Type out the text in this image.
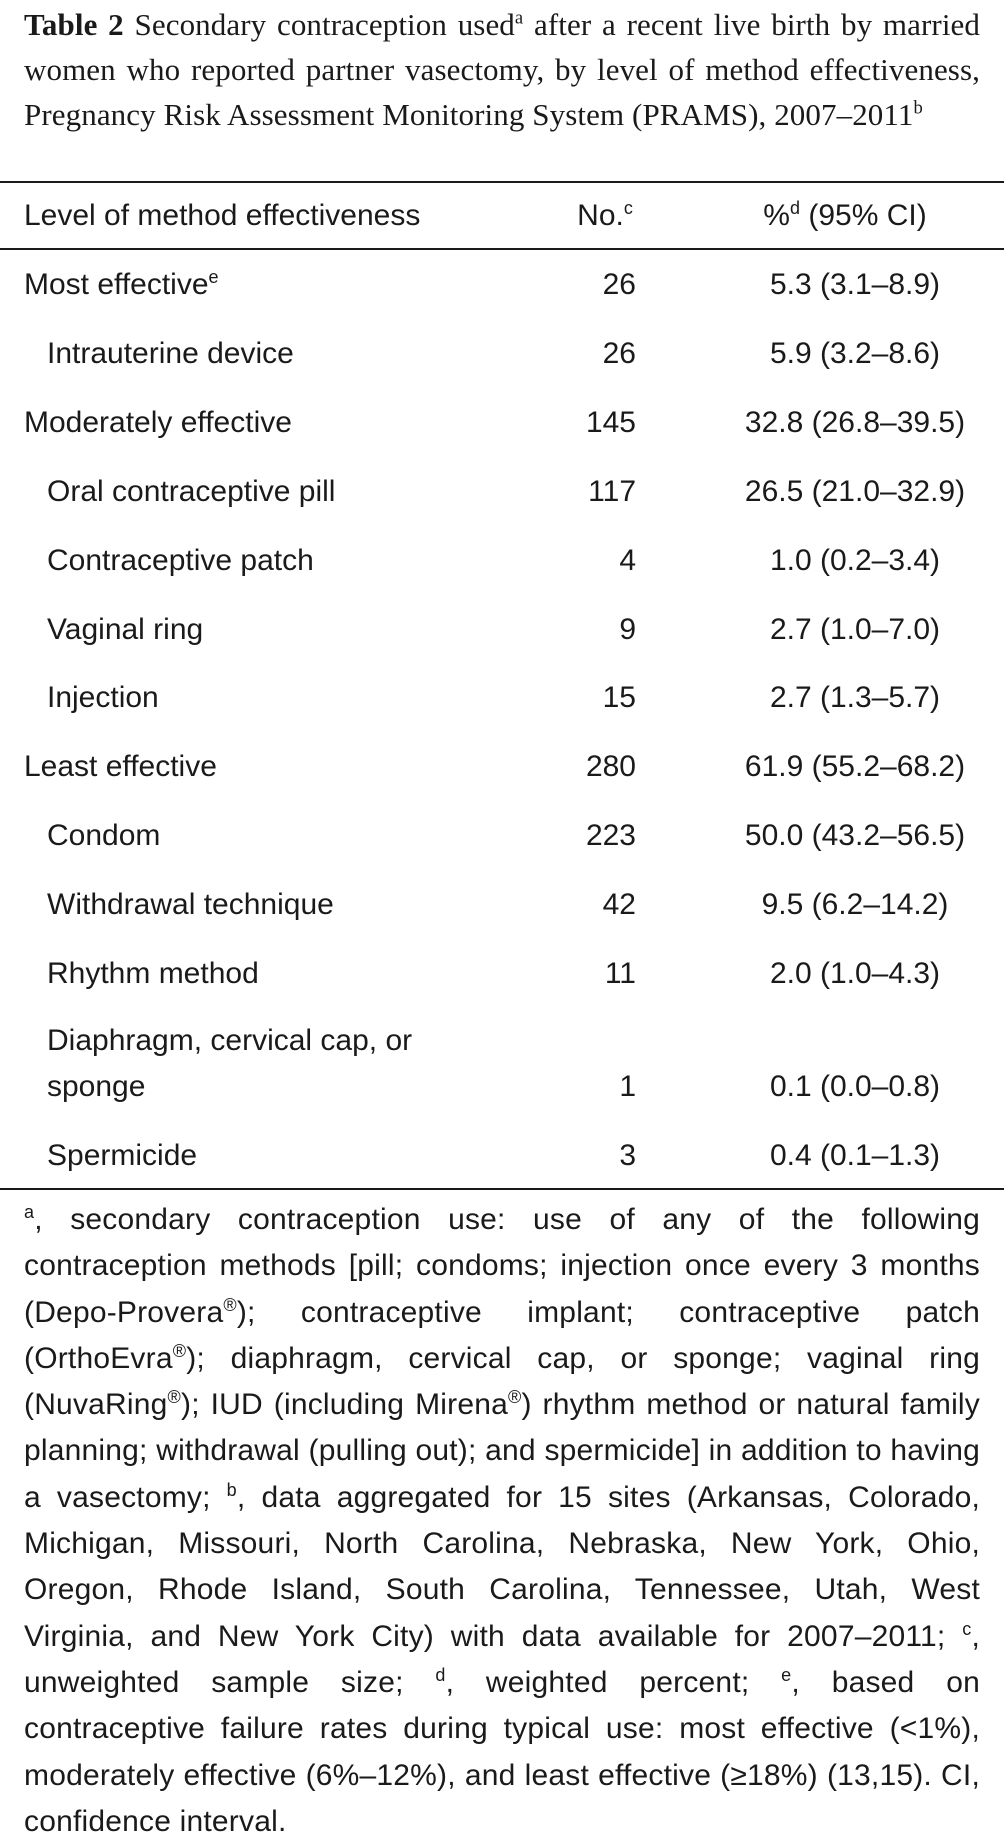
Table 2 Secondary contraception used$^a$ after a recent live birth by married women who reported partner vasectomy, by level of method effectiveness, Pregnancy Risk Assessment Monitoring System (PRAMS), 2007–2011$^b$
Level of method effectiveness	No.$^c$	%$^d$ (95% CI)
Most effective$^e$	26	5.3 (3.1–8.9)
Intrauterine device	26	5.9 (3.2–8.6)
Moderately effective	145	32.8 (26.8–39.5)
Oral contraceptive pill	117	26.5 (21.0–32.9)
Contraceptive patch	4	1.0 (0.2–3.4)
Vaginal ring	9	2.7 (1.0–7.0)
Injection	15	2.7 (1.3–5.7)
Least effective	280	61.9 (55.2–68.2)
Condom	223	50.0 (43.2–56.5)
Withdrawal technique	42	9.5 (6.2–14.2)
Rhythm method	11	2.0 (1.0–4.3)
Diaphragm, cervical cap, or sponge	1	0.1 (0.0–0.8)
Spermicide	3	0.4 (0.1–1.3)
$^a$, secondary contraception use: use of any of the following contraception methods [pill; condoms; injection once every 3 months (Depo-Provera®); contraceptive implant; contraceptive patch (OrthoEvra®); diaphragm, cervical cap, or sponge; vaginal ring (NuvaRing®); IUD (including Mirena®) rhythm method or natural family planning; withdrawal (pulling out); and spermicide] in addition to having a vasectomy; $^b$, data aggregated for 15 sites (Arkansas, Colorado, Michigan, Missouri, North Carolina, Nebraska, New York, Ohio, Oregon, Rhode Island, South Carolina, Tennessee, Utah, West Virginia, and New York City) with data available for 2007–2011; $^c$, unweighted sample size; $^d$, weighted percent; $^e$, based on contraceptive failure rates during typical use: most effective (<1%), moderately effective (6%–12%), and least effective (≥18%) (13,15). CI, confidence interval.
